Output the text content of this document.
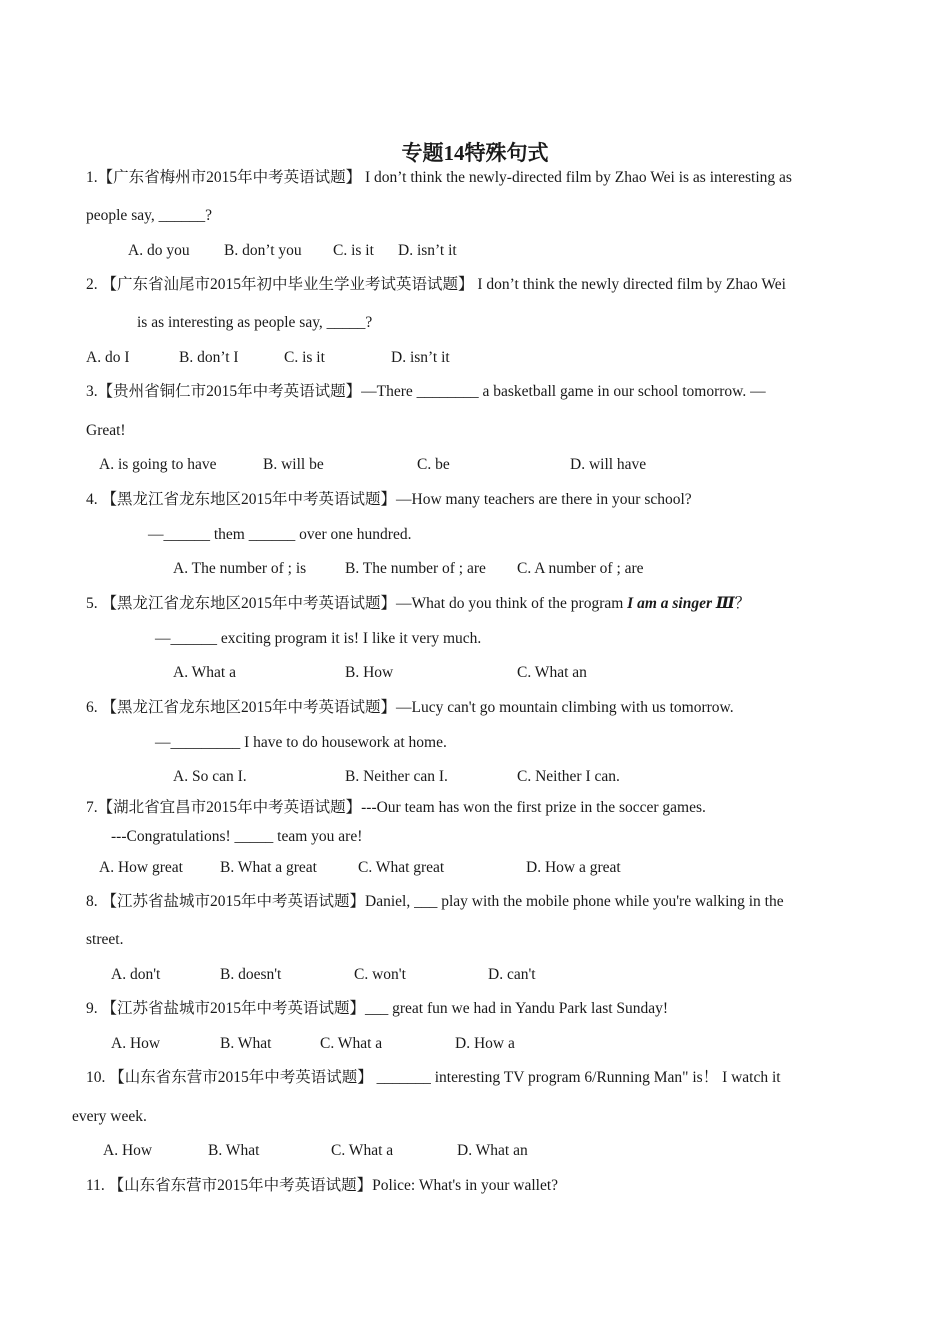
专题14特殊句式
1.【广东省梅州市2015年中考英语试题】 I don’t think the newly-directed film by Zhao Wei is as interesting as
people say, ______?
A. do you B. don’t you C. is it D. isn’t it
2. 【广东省汕尾市2015年初中毕业生学业考试英语试题】 I don’t think the newly directed film by Zhao Wei
is as interesting as people say, _____?
A. do I	B. don’t I	C. is it	D. isn’t it
3.【贵州省铜仁市2015年中考英语试题】—There ________ a basketball game in our school tomorrow. —
Great!
A. is going to have	B. will be	C. be	D. will have
4. 【黑龙江省龙东地区2015年中考英语试题】—How many teachers are there in your school?
—______ them ______ over one hundred.
A. The number of ; is	B. The number of ; are C. A number of ; are
5. 【黑龙江省龙东地区2015年中考英语试题】—What do you think of the program I am a singer Ⅲ？
—______ exciting program it is! I like it very much.
A. What a	B. How	C. What an
6. 【黑龙江省龙东地区2015年中考英语试题】—Lucy can't go mountain climbing with us tomorrow.
—_________ I have to do housework at home.
A. So can I.	B. Neither can I.	C. Neither I can.
7.【湖北省宜昌市2015年中考英语试题】---Our team has won the first prize in the soccer games.
---Congratulations! _____ team you are!
A. How great B. What a great	C. What great	D. How a great
8. 【江苏省盐城市2015年中考英语试题】Daniel, ___ play with the mobile phone while you're walking in the
street.
A. don't	B. doesn't	C. won't	D. can't
9. 【江苏省盐城市2015年中考英语试题】___ great fun we had in Yandu Park last Sunday!
A. How	B. What	C. What a	D. How a
10. 【山东省东营市2015年中考英语试题】 _______ interesting TV program 6/Running Man" is！ I watch it
every week.
A. How	B. What	C. What a	D. What an
11. 【山东省东营市2015年中考英语试题】Police: What's in your wallet?
